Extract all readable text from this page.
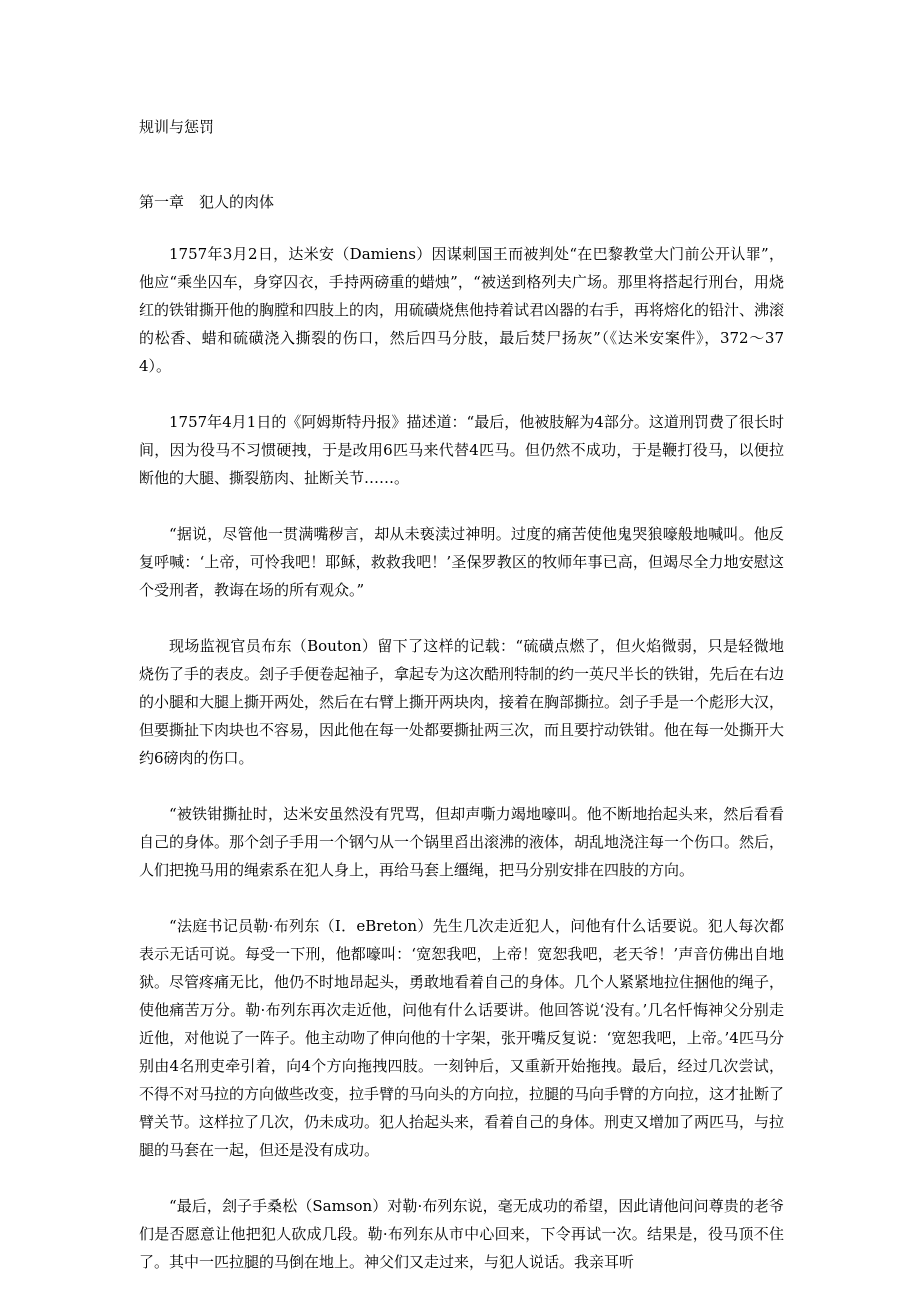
规训与惩罚
第一章　犯人的肉体

1757年3月2日，达米安（Damiens）因谋刺国王而被判处“在巴黎教堂大门前公开认罪”，他应“乘坐囚车，身穿囚衣，手持两磅重的蜡烛”，“被送到格列夫广场。那里将搭起行刑台，用烧红的铁钳撕开他的胸膛和四肢上的肉，用硫磺烧焦他持着试君凶器的右手，再将熔化的铅汁、沸滚的松香、蜡和硫磺浇入撕裂的伤口，然后四马分肢，最后焚尸扬灰”（《达米安案件》，372～374）。

1757年4月1日的《阿姆斯特丹报》描述道：“最后，他被肢解为4部分。这道刑罚费了很长时间，因为役马不习惯硬拽，于是改用6匹马来代替4匹马。但仍然不成功，于是鞭打役马，以便拉断他的大腿、撕裂筋肉、扯断关节……。

“据说，尽管他一贯满嘴秽言，却从未亵渎过神明。过度的痛苦使他鬼哭狼嚎般地喊叫。他反复呼喊：‘上帝，可怜我吧！耶稣，救救我吧！’圣保罗教区的牧师年事已高，但竭尽全力地安慰这个受刑者，教诲在场的所有观众。”

现场监视官员布东（Bouton）留下了这样的记载：“硫磺点燃了，但火焰微弱，只是轻微地烧伤了手的表皮。刽子手便卷起袖子，拿起专为这次酷刑特制的约一英尺半长的铁钳，先后在右边的小腿和大腿上撕开两处，然后在右臂上撕开两块肉，接着在胸部撕拉。刽子手是一个彪形大汉，但要撕扯下肉块也不容易，因此他在每一处都要撕扯两三次，而且要拧动铁钳。他在每一处撕开大约6磅肉的伤口。

“被铁钳撕扯时，达米安虽然没有咒骂，但却声嘶力竭地嚎叫。他不断地抬起头来，然后看看自己的身体。那个刽子手用一个钢勺从一个锅里舀出滚沸的液体，胡乱地浇注每一个伤口。然后，人们把挽马用的绳索系在犯人身上，再给马套上缰绳，把马分别安排在四肢的方向。

“法庭书记员勒·布列东（I．eBreton）先生几次走近犯人，问他有什么话要说。犯人每次都表示无话可说。每受一下刑，他都嚎叫：‘宽恕我吧，上帝！宽恕我吧，老天爷！’声音仿佛出自地狱。尽管疼痛无比，他仍不时地昂起头，勇敢地看着自己的身体。几个人紧紧地拉住捆他的绳子，使他痛苦万分。勒·布列东再次走近他，问他有什么话要讲。他回答说‘没有。’几名忏悔神父分别走近他，对他说了一阵子。他主动吻了伸向他的十字架，张开嘴反复说：‘宽恕我吧，上帝。’4匹马分别由4名刑吏牵引着，向4个方向拖拽四肢。一刻钟后，又重新开始拖拽。最后，经过几次尝试，不得不对马拉的方向做些改变，拉手臂的马向头的方向拉，拉腿的马向手臂的方向拉，这才扯断了臂关节。这样拉了几次，仍未成功。犯人抬起头来，看着自己的身体。刑吏又增加了两匹马，与拉腿的马套在一起，但还是没有成功。

“最后，刽子手桑松（Samson）对勒·布列东说，毫无成功的希望，因此请他问问尊贵的老爷们是否愿意让他把犯人砍成几段。勒·布列东从市中心回来，下令再试一次。结果是，役马顶不住了。其中一匹拉腿的马倒在地上。神父们又走过来，与犯人说话。我亲耳听
